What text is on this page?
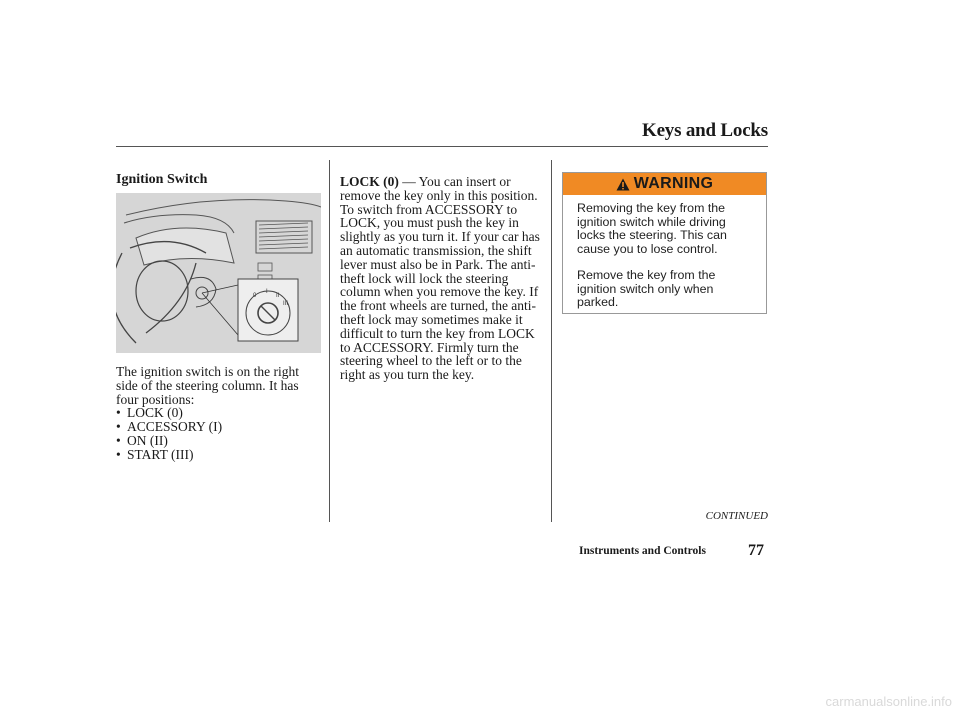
Keys and Locks
Ignition Switch
0
I
II
III
The ignition switch is on the right side of the steering column. It has four positions:
• LOCK (0)
• ACCESSORY (I)
• ON (II)
• START (III)
LOCK (0) — You can insert or remove the key only in this position. To switch from ACCESSORY to LOCK, you must push the key in slightly as you turn it. If your car has an automatic transmission, the shift lever must also be in Park. The anti-theft lock will lock the steering column when you remove the key. If the front wheels are turned, the anti-theft lock may sometimes make it difficult to turn the key from LOCK to ACCESSORY. Firmly turn the steering wheel to the left or to the right as you turn the key.
WARNING

Removing the key from the ignition switch while driving locks the steering. This can cause you to lose control.

Remove the key from the ignition switch only when parked.

CONTINUED
Instruments and Controls	77
carmanualsonline.info
